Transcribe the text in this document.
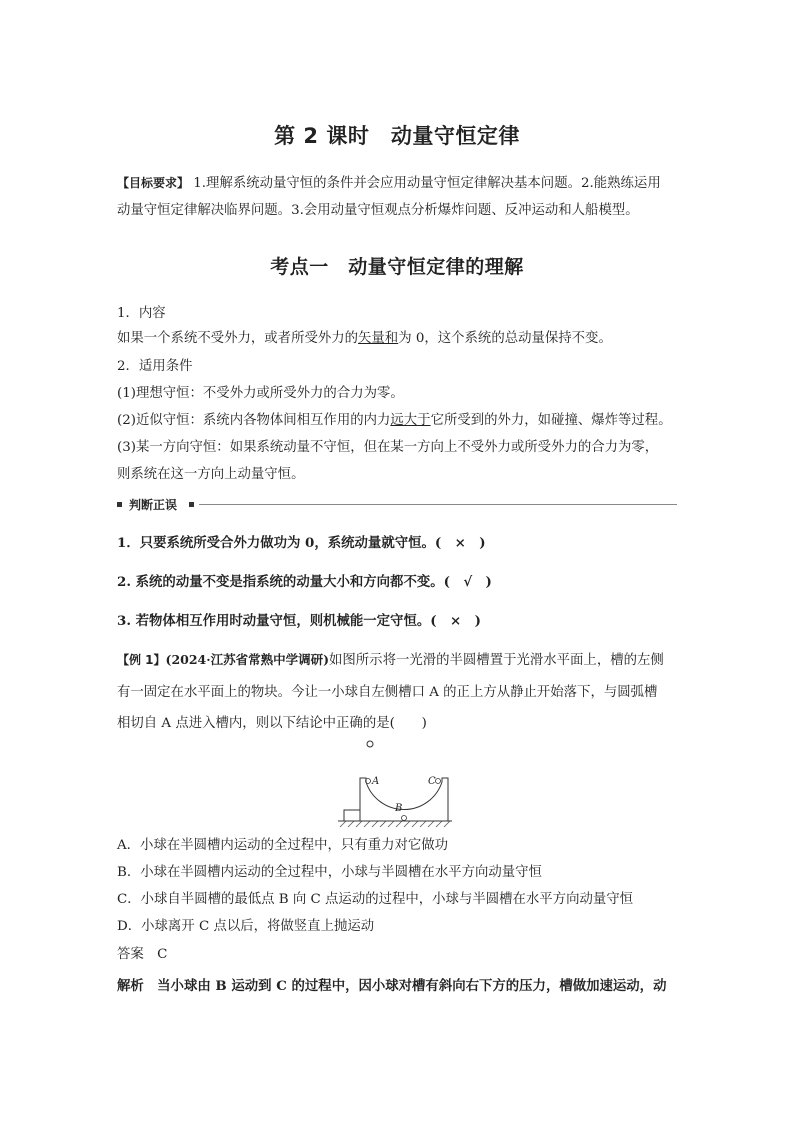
第 2 课时　动量守恒定律
【目标要求】 1.理解系统动量守恒的条件并会应用动量守恒定律解决基本问题。2.能熟练运用
动量守恒定律解决临界问题。3.会用动量守恒观点分析爆炸问题、反冲运动和人船模型。
考点一　动量守恒定律的理解
1．内容
如果一个系统不受外力，或者所受外力的矢量和为 0，这个系统的总动量保持不变。
2．适用条件
(1)理想守恒：不受外力或所受外力的合力为零。
(2)近似守恒：系统内各物体间相互作用的内力远大于它所受到的外力，如碰撞、爆炸等过程。
(3)某一方向守恒：如果系统动量不守恒，但在某一方向上不受外力或所受外力的合力为零，
则系统在这一方向上动量守恒。
判断正误
1．只要系统所受合外力做功为 0，系统动量就守恒。(　×　)
2. 系统的动量不变是指系统的动量大小和方向都不变。(　√　)
3. 若物体相互作用时动量守恒，则机械能一定守恒。(　×　)
【例 1】(2024·江苏省常熟中学调研)如图所示将一光滑的半圆槽置于光滑水平面上，槽的左侧
有一固定在水平面上的物块。今让一小球自左侧槽口 A 的正上方从静止开始落下，与圆弧槽
相切自 A 点进入槽内，则以下结论中正确的是(　　)
A	C
B
A．小球在半圆槽内运动的全过程中，只有重力对它做功
B．小球在半圆槽内运动的全过程中，小球与半圆槽在水平方向动量守恒
C．小球自半圆槽的最低点 B 向 C 点运动的过程中，小球与半圆槽在水平方向动量守恒
D．小球离开 C 点以后，将做竖直上抛运动
答案　C
解析　当小球由 B 运动到 C 的过程中，因小球对槽有斜向右下方的压力，槽做加速运动，动
